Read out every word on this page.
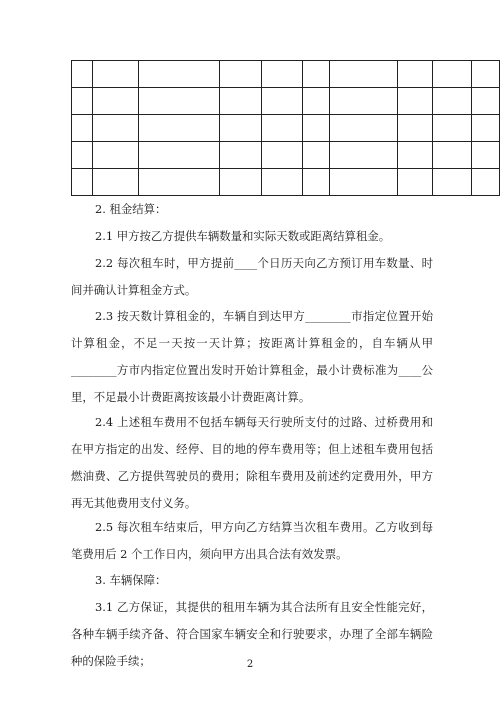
2. 租金结算：

2.1 甲方按乙方提供车辆数量和实际天数或距离结算租金。

2.2 每次租车时，甲方提前____个日历天向乙方预订用车数量、时间并确认计算租金方式。

2.3 按天数计算租金的，车辆自到达甲方________市指定位置开始计算租金，不足一天按一天计算；按距离计算租金的，自车辆从甲________方市内指定位置出发时开始计算租金，最小计费标准为____公里，不足最小计费距离按该最小计费距离计算。

2.4 上述租车费用不包括车辆每天行驶所支付的过路、过桥费用和在甲方指定的出发、经停、目的地的停车费用等；但上述租车费用包括燃油费、乙方提供驾驶员的费用；除租车费用及前述约定费用外，甲方再无其他费用支付义务。

2.5 每次租车结束后，甲方向乙方结算当次租车费用。乙方收到每笔费用后 2 个工作日内，须向甲方出具合法有效发票。

3. 车辆保障：

3.1 乙方保证，其提供的租用车辆为其合法所有且安全性能完好，各种车辆手续齐备、符合国家车辆安全和行驶要求，办理了全部车辆险种的保险手续；	2
